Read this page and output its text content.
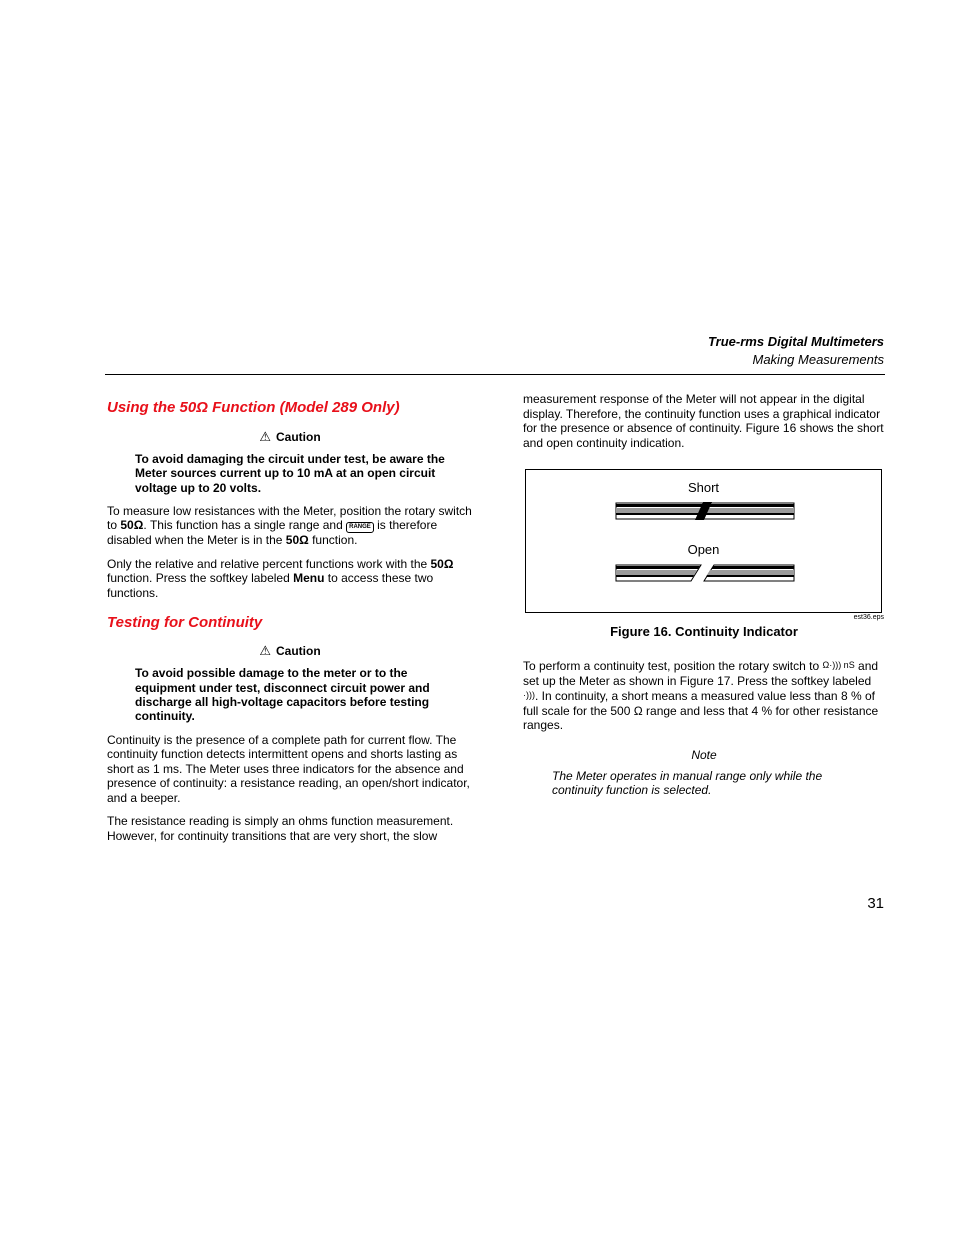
True-rms Digital Multimeters
Making Measurements
Using the 50Ω Function (Model 289 Only)
⚠ Caution
To avoid damaging the circuit under test, be aware the Meter sources current up to 10 mA at an open circuit voltage up to 20 volts.

To measure low resistances with the Meter, position the rotary switch to 50Ω. This function has a single range and RANGE is therefore disabled when the Meter is in the 50Ω function.

Only the relative and relative percent functions work with the 50Ω function. Press the softkey labeled Menu to access these two functions.

Testing for Continuity
⚠ Caution
To avoid possible damage to the meter or to the equipment under test, disconnect circuit power and discharge all high-voltage capacitors before testing continuity.

Continuity is the presence of a complete path for current flow. The continuity function detects intermittent opens and shorts lasting as short as 1 ms. The Meter uses three indicators for the absence and presence of continuity: a resistance reading, an open/short indicator, and a beeper.

The resistance reading is simply an ohms function measurement. However, for continuity transitions that are very short, the slow

measurement response of the Meter will not appear in the digital display. Therefore, the continuity function uses a graphical indicator for the presence or absence of continuity. Figure 16 shows the short and open continuity indication.

Short
Open
est36.eps
Figure 16. Continuity Indicator

To perform a continuity test, position the rotary switch to Ω·))) nS and set up the Meter as shown in Figure 17. Press the softkey labeled ·))). In continuity, a short means a measured value less than 8 % of full scale for the 500 Ω range and less that 4 % for other resistance ranges.

Note
The Meter operates in manual range only while the continuity function is selected.
31
